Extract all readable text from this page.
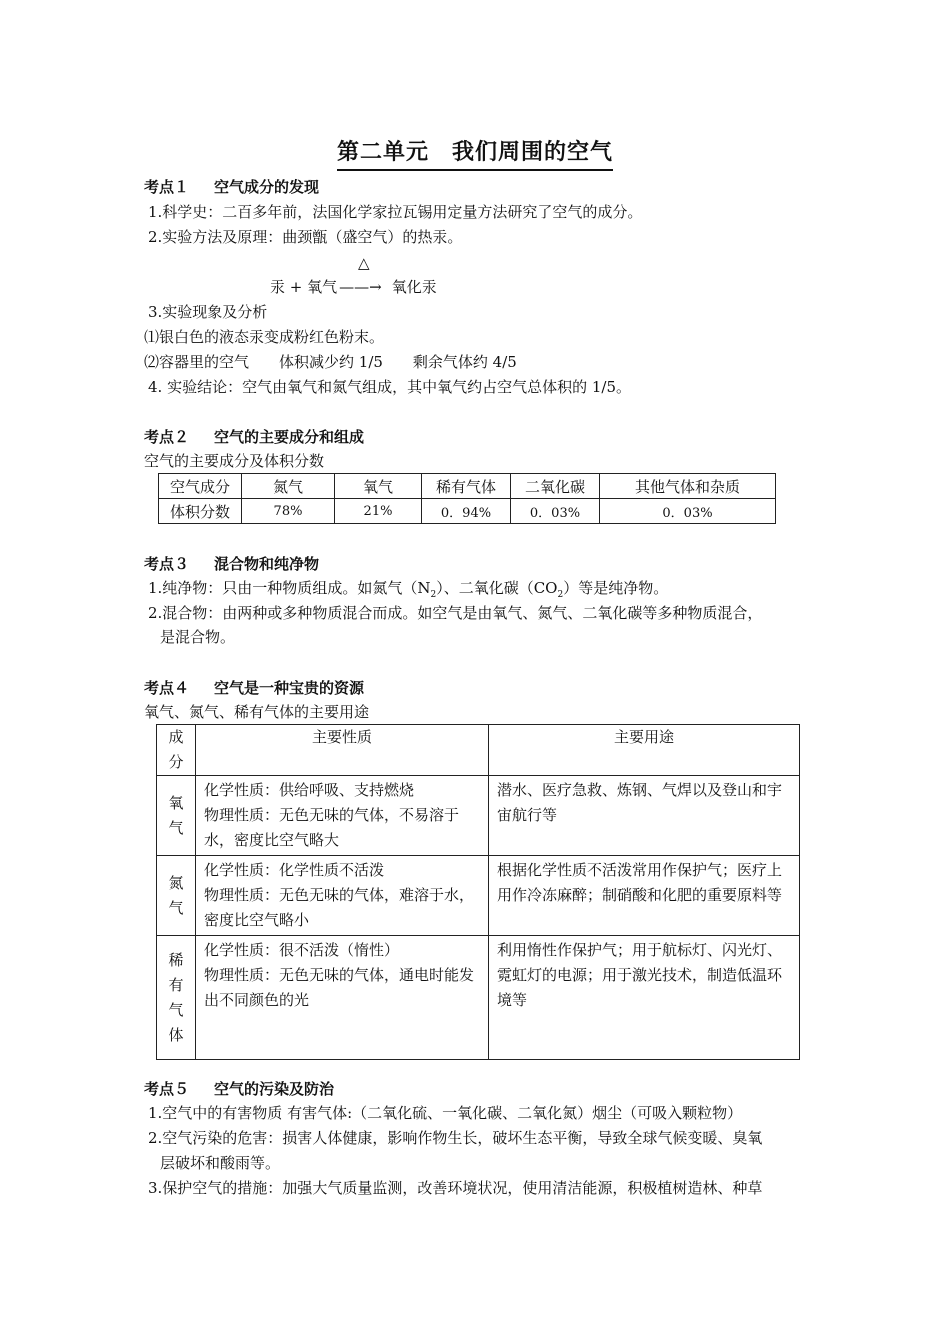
第二单元　我们周围的空气
考点１ 空气成分的发现
1.科学史：二百多年前，法国化学家拉瓦锡用定量方法研究了空气的成分。
2.实验方法及原理：曲颈甑（盛空气）的热汞。
△
汞 + 氧气 ——→ 氧化汞
3.实验现象及分析
⑴银白色的液态汞变成粉红色粉末。
⑵容器里的空气　　体积减少约 1/5　　剩余气体约 4/5
4. 实验结论：空气由氧气和氮气组成，其中氧气约占空气总体积的 1/5。
考点２ 空气的主要成分和组成
空气的主要成分及体积分数
空气成分	氮气	氧气	稀有气体	二氧化碳	其他气体和杂质
体积分数	78%	21%	0．94%	0．03%	0．03%
考点３ 混合物和纯净物
1.纯净物：只由一种物质组成。如氮气$(N_2)$、二氧化碳$(CO_2)$等是纯净物。
2.混合物：由两种或多种物质混合而成。如空气是由氧气、氮气、二氧化碳等多种物质混合，
是混合物。
考点４ 空气是一种宝贵的资源
氧气、氮气、稀有气体的主要用途
成
分	主要性质	主要用途
氧
气	化学性质：供给呼吸、支持燃烧
物理性质：无色无味的气体，不易溶于水，密度比空气略大	潜水、医疗急救、炼钢、气焊以及登山和宇宙航行等
氮
气	化学性质：化学性质不活泼
物理性质：无色无味的气体，难溶于水，密度比空气略小	根据化学性质不活泼常用作保护气；医疗上用作冷冻麻醉；制硝酸和化肥的重要原料等
稀
有
气
体	化学性质：很不活泼（惰性）
物理性质：无色无味的气体，通电时能发出不同颜色的光	利用惰性作保护气；用于航标灯、闪光灯、霓虹灯的电源；用于激光技术，制造低温环境等
考点５ 空气的污染及防治
1.空气中的有害物质 有害气体:（二氧化硫、一氧化碳、二氧化氮）烟尘（可吸入颗粒物）
2.空气污染的危害：损害人体健康，影响作物生长，破坏生态平衡，导致全球气候变暖、臭氧
层破坏和酸雨等。
3.保护空气的措施：加强大气质量监测，改善环境状况，使用清洁能源，积极植树造林、种草
